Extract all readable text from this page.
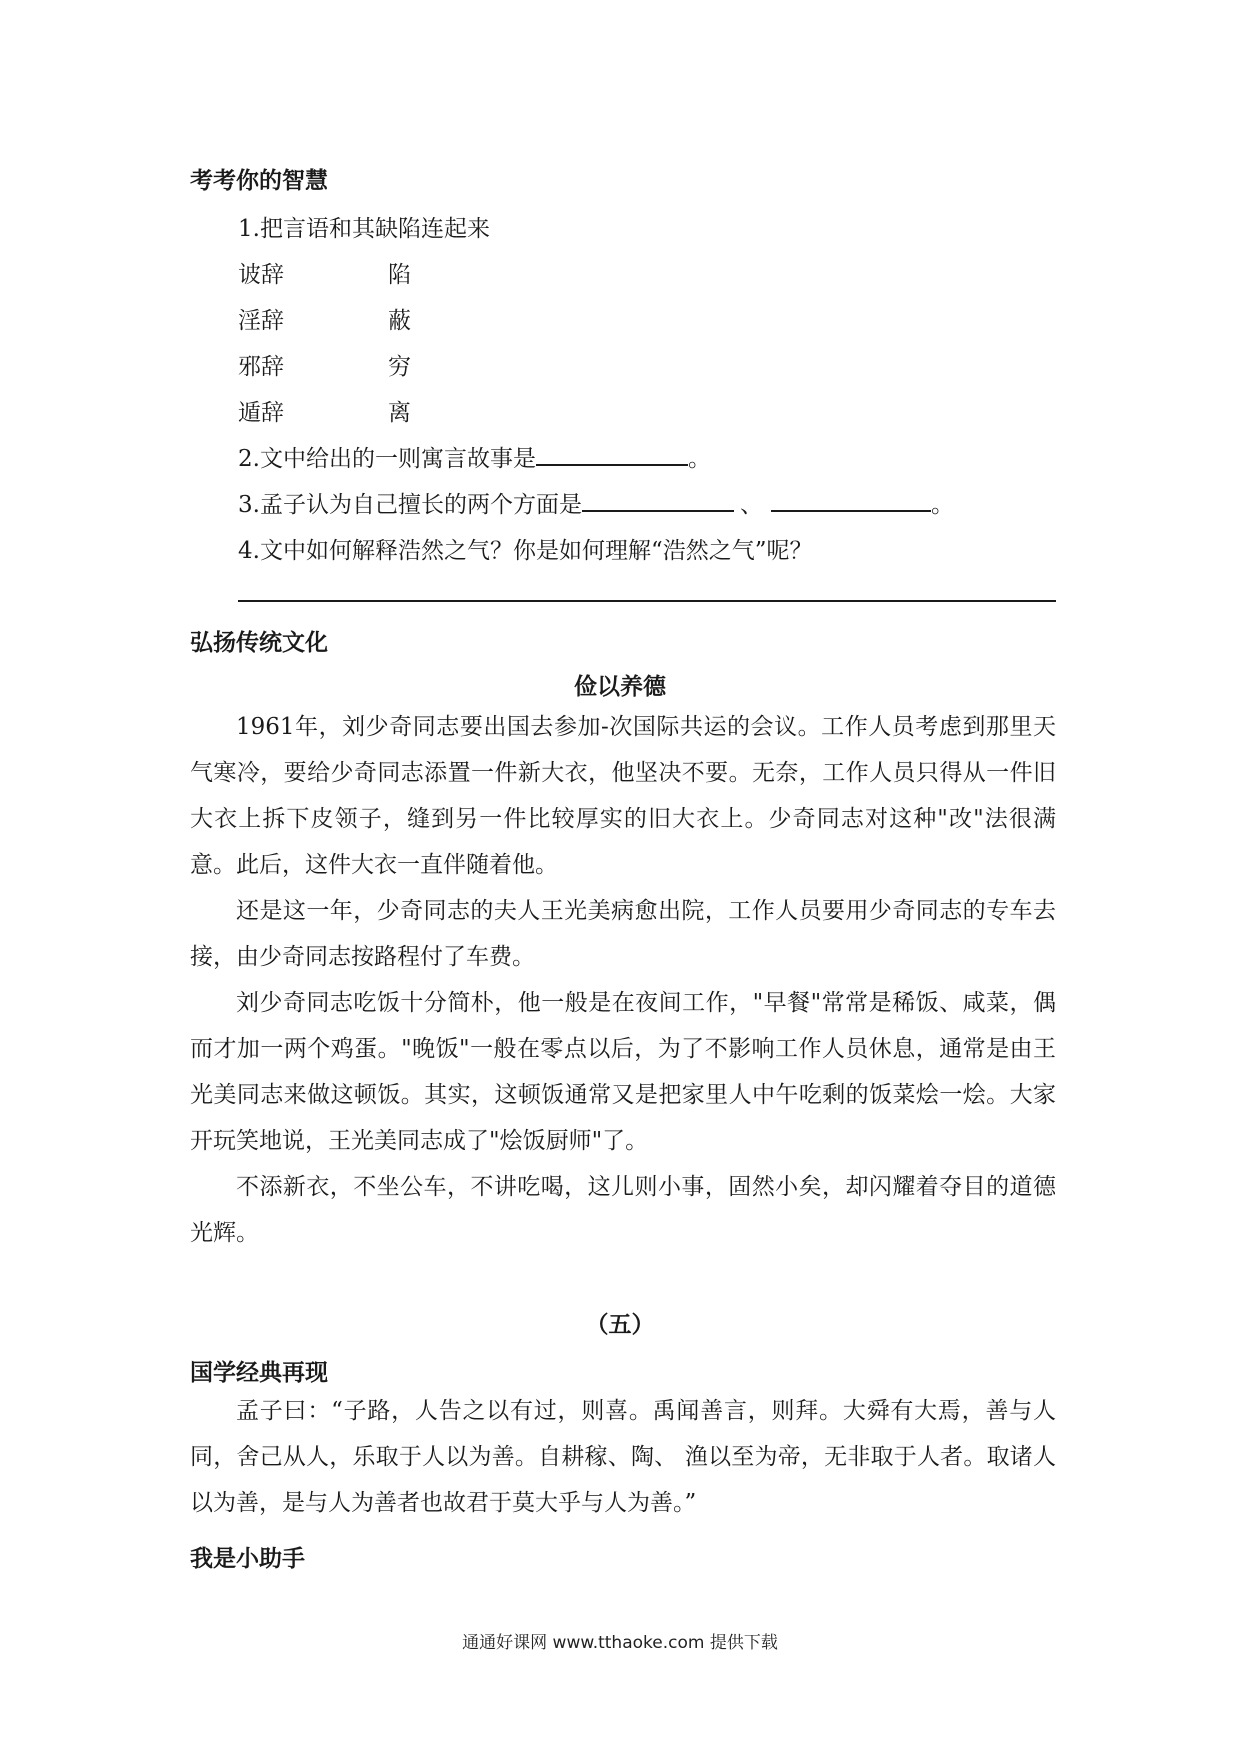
考考你的智慧
1.把言语和其缺陷连起来
诐辞	陷
淫辞	蔽
邪辞	穷
遁辞	离
2.文中给出的一则寓言故事是	。
3.孟子认为自己擅长的两个方面是	、	。
4.文中如何解释浩然之气？你是如何理解“浩然之气”呢？
弘扬传统文化
俭以养德
1961年，刘少奇同志要出国去参加-次国际共运的会议。工作人员考虑到那里天气寒冷，要给少奇同志添置一件新大衣，他坚决不要。无奈，工作人员只得从一件旧大衣上拆下皮领子，缝到另一件比较厚实的旧大衣上。少奇同志对这种"改"法很满意。此后，这件大衣一直伴随着他。
还是这一年，少奇同志的夫人王光美病愈出院，工作人员要用少奇同志的专车去接，由少奇同志按路程付了车费。
刘少奇同志吃饭十分简朴，他一般是在夜间工作，"早餐"常常是稀饭、咸菜，偶而才加一两个鸡蛋。"晚饭"一般在零点以后，为了不影响工作人员休息，通常是由王光美同志来做这顿饭。其实，这顿饭通常又是把家里人中午吃剩的饭菜烩一烩。大家开玩笑地说，王光美同志成了"烩饭厨师"了。
不添新衣，不坐公车，不讲吃喝，这儿则小事，固然小矣，却闪耀着夺目的道德光辉。
（五）
国学经典再现
孟子曰：“子路，人告之以有过，则喜。禹闻善言，则拜。大舜有大焉，善与人同，舍己从人，乐取于人以为善。自耕稼、陶、 渔以至为帝，无非取于人者。取诸人以为善，是与人为善者也故君于莫大乎与人为善。”
我是小助手
通通好课网 www.tthaoke.com 提供下载
